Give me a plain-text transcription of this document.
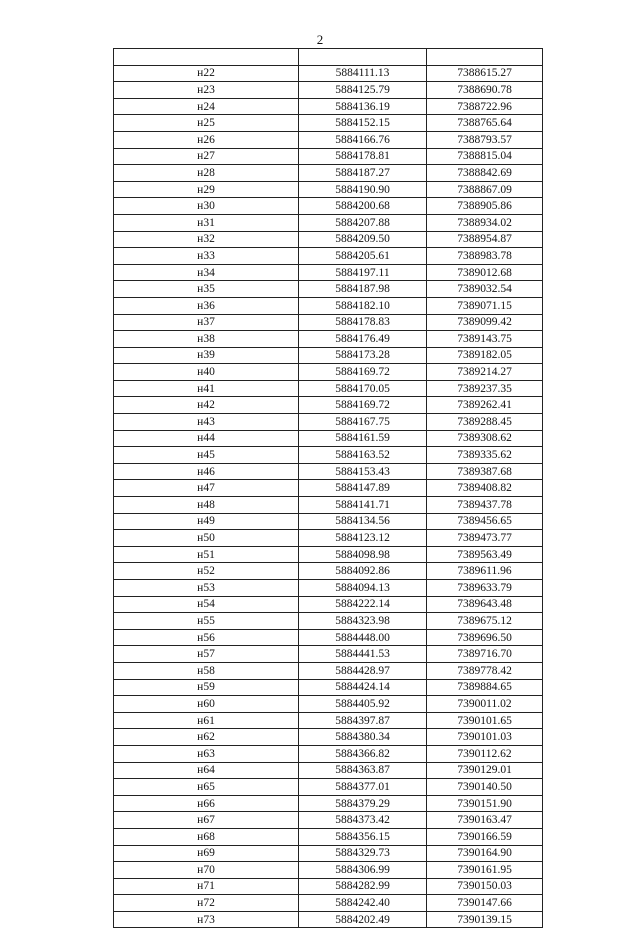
2

н22	5884111.13	7388615.27
н23	5884125.79	7388690.78
н24	5884136.19	7388722.96
н25	5884152.15	7388765.64
н26	5884166.76	7388793.57
н27	5884178.81	7388815.04
н28	5884187.27	7388842.69
н29	5884190.90	7388867.09
н30	5884200.68	7388905.86
н31	5884207.88	7388934.02
н32	5884209.50	7388954.87
н33	5884205.61	7388983.78
н34	5884197.11	7389012.68
н35	5884187.98	7389032.54
н36	5884182.10	7389071.15
н37	5884178.83	7389099.42
н38	5884176.49	7389143.75
н39	5884173.28	7389182.05
н40	5884169.72	7389214.27
н41	5884170.05	7389237.35
н42	5884169.72	7389262.41
н43	5884167.75	7389288.45
н44	5884161.59	7389308.62
н45	5884163.52	7389335.62
н46	5884153.43	7389387.68
н47	5884147.89	7389408.82
н48	5884141.71	7389437.78
н49	5884134.56	7389456.65
н50	5884123.12	7389473.77
н51	5884098.98	7389563.49
н52	5884092.86	7389611.96
н53	5884094.13	7389633.79
н54	5884222.14	7389643.48
н55	5884323.98	7389675.12
н56	5884448.00	7389696.50
н57	5884441.53	7389716.70
н58	5884428.97	7389778.42
н59	5884424.14	7389884.65
н60	5884405.92	7390011.02
н61	5884397.87	7390101.65
н62	5884380.34	7390101.03
н63	5884366.82	7390112.62
н64	5884363.87	7390129.01
н65	5884377.01	7390140.50
н66	5884379.29	7390151.90
н67	5884373.42	7390163.47
н68	5884356.15	7390166.59
н69	5884329.73	7390164.90
н70	5884306.99	7390161.95
н71	5884282.99	7390150.03
н72	5884242.40	7390147.66
н73	5884202.49	7390139.15
